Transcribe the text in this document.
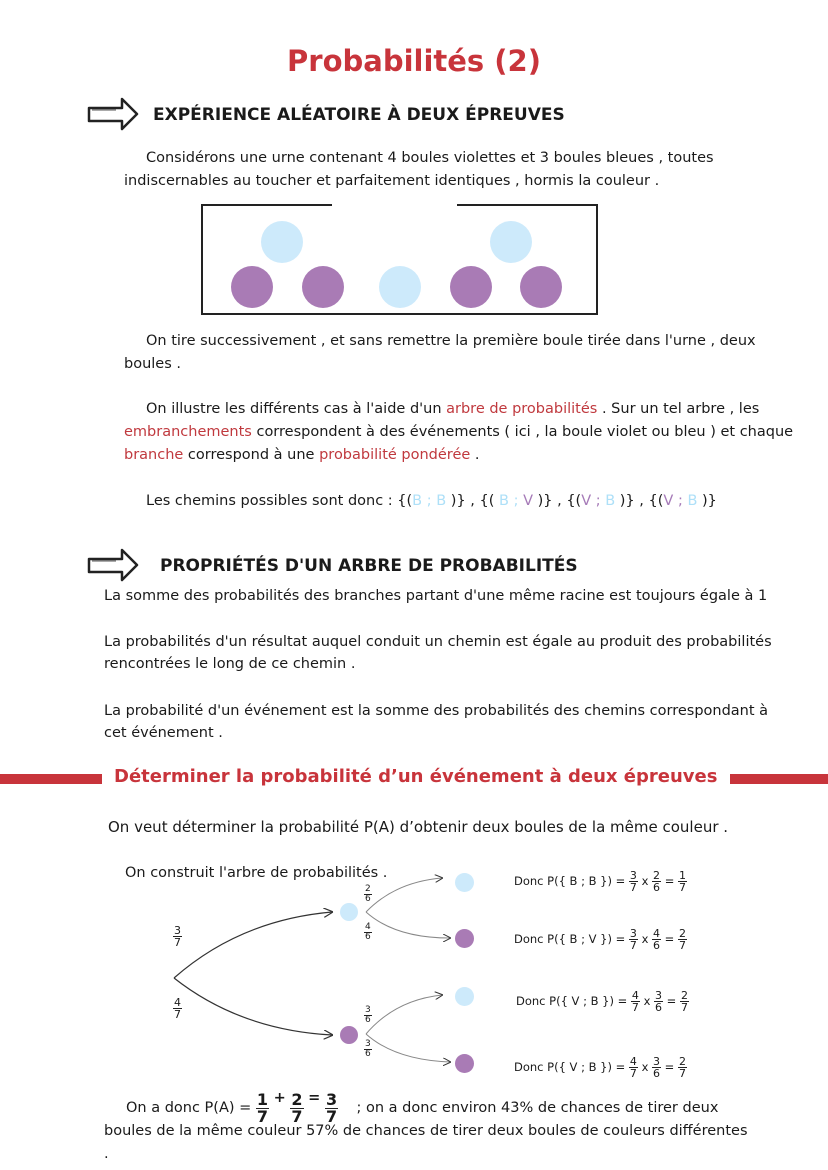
Probabilités (2)
EXPÉRIENCE ALÉATOIRE À DEUX ÉPREUVES
Considérons une urne contenant 4 boules violettes et 3 boules bleues , toutes
indiscernables au toucher et parfaitement identiques , hormis la couleur .
On tire successivement , et sans remettre la première boule tirée dans l'urne , deux
boules .
On illustre les différents cas à l'aide d'un arbre de probabilités . Sur un tel arbre , les
embranchements correspondent à des événements ( ici , la boule violet ou bleu ) et chaque
branche correspond à une probabilité pondérée .
Les chemins possibles sont donc : {(B ; B )} , {( B ; V )} , {(V ; B )} , {(V ; B )}
PROPRIÉTÉS D'UN ARBRE DE PROBABILITÉS
La somme des probabilités des branches partant d'une même racine est toujours égale à 1
La probabilités d'un résultat auquel conduit un chemin est égale au produit des probabilités
rencontrées le long de ce chemin .
La probabilité d'un événement est la somme des probabilités des chemins correspondant à
cet événement .
Déterminer la probabilité d’un événement à deux épreuves
On veut déterminer la probabilité P(A) d’obtenir deux boules de la même couleur .
On construit l'arbre de probabilités .
$\frac{3}{7}$
$\frac{4}{7}$
$\frac{2}{6}$
$\frac{4}{6}$
$\frac{3}{6}$
$\frac{3}{6}$
Donc P({ B ; B }) = $\frac{3}{7}$ x $\frac{2}{6} = \frac{1}{7}$
Donc P({ B ; V }) = $\frac{3}{7}$ x $\frac{4}{6} = \frac{2}{7}$
Donc P({ V ; B }) = $\frac{4}{7}$ x $\frac{3}{6} = \frac{2}{7}$
Donc P({ V ; B }) = $\frac{4}{7}$ x $\frac{3}{6} = \frac{2}{7}$
On a donc $P(A) = \frac{1}{7} + \frac{2}{7} = \frac{3}{7}$ ; on a donc environ 43% de chances de tirer deux
boules de la même couleur 57% de chances de tirer deux boules de couleurs différentes
.
